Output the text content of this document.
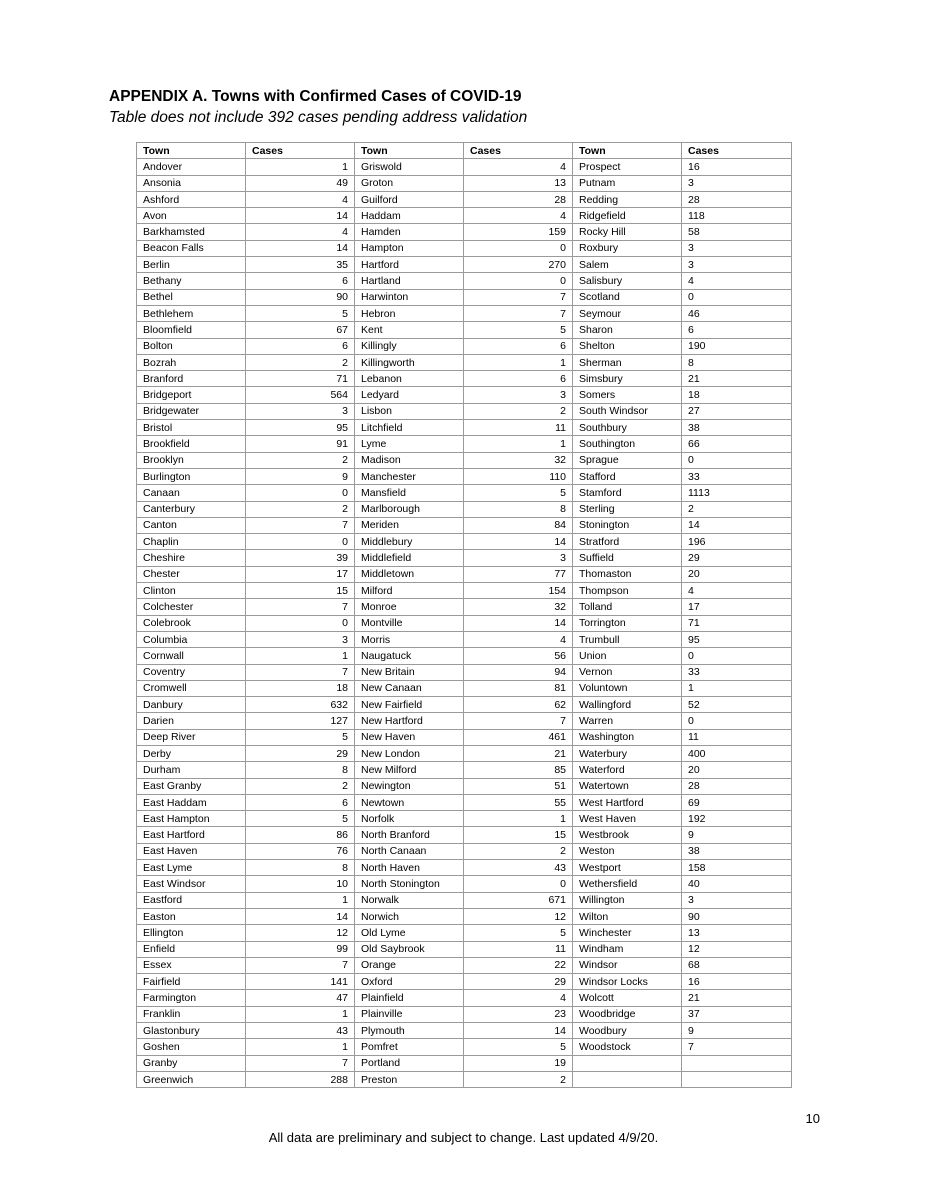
APPENDIX A. Towns with Confirmed Cases of COVID-19

Table does not include 392 cases pending address validation

Town	Cases	Town	Cases	Town	Cases
Andover	1	Griswold	4	Prospect	16
Ansonia	49	Groton	13	Putnam	3
Ashford	4	Guilford	28	Redding	28
Avon	14	Haddam	4	Ridgefield	118
Barkhamsted	4	Hamden	159	Rocky Hill	58
Beacon Falls	14	Hampton	0	Roxbury	3
Berlin	35	Hartford	270	Salem	3
Bethany	6	Hartland	0	Salisbury	4
Bethel	90	Harwinton	7	Scotland	0
Bethlehem	5	Hebron	7	Seymour	46
Bloomfield	67	Kent	5	Sharon	6
Bolton	6	Killingly	6	Shelton	190
Bozrah	2	Killingworth	1	Sherman	8
Branford	71	Lebanon	6	Simsbury	21
Bridgeport	564	Ledyard	3	Somers	18
Bridgewater	3	Lisbon	2	South Windsor	27
Bristol	95	Litchfield	11	Southbury	38
Brookfield	91	Lyme	1	Southington	66
Brooklyn	2	Madison	32	Sprague	0
Burlington	9	Manchester	110	Stafford	33
Canaan	0	Mansfield	5	Stamford	1113
Canterbury	2	Marlborough	8	Sterling	2
Canton	7	Meriden	84	Stonington	14
Chaplin	0	Middlebury	14	Stratford	196
Cheshire	39	Middlefield	3	Suffield	29
Chester	17	Middletown	77	Thomaston	20
Clinton	15	Milford	154	Thompson	4
Colchester	7	Monroe	32	Tolland	17
Colebrook	0	Montville	14	Torrington	71
Columbia	3	Morris	4	Trumbull	95
Cornwall	1	Naugatuck	56	Union	0
Coventry	7	New Britain	94	Vernon	33
Cromwell	18	New Canaan	81	Voluntown	1
Danbury	632	New Fairfield	62	Wallingford	52
Darien	127	New Hartford	7	Warren	0
Deep River	5	New Haven	461	Washington	11
Derby	29	New London	21	Waterbury	400
Durham	8	New Milford	85	Waterford	20
East Granby	2	Newington	51	Watertown	28
East Haddam	6	Newtown	55	West Hartford	69
East Hampton	5	Norfolk	1	West Haven	192
East Hartford	86	North Branford	15	Westbrook	9
East Haven	76	North Canaan	2	Weston	38
East Lyme	8	North Haven	43	Westport	158
East Windsor	10	North Stonington	0	Wethersfield	40
Eastford	1	Norwalk	671	Willington	3
Easton	14	Norwich	12	Wilton	90
Ellington	12	Old Lyme	5	Winchester	13
Enfield	99	Old Saybrook	11	Windham	12
Essex	7	Orange	22	Windsor	68
Fairfield	141	Oxford	29	Windsor Locks	16
Farmington	47	Plainfield	4	Wolcott	21
Franklin	1	Plainville	23	Woodbridge	37
Glastonbury	43	Plymouth	14	Woodbury	9
Goshen	1	Pomfret	5	Woodstock	7
Granby	7	Portland	19		
Greenwich	288	Preston	2		
10
All data are preliminary and subject to change. Last updated 4/9/20.
